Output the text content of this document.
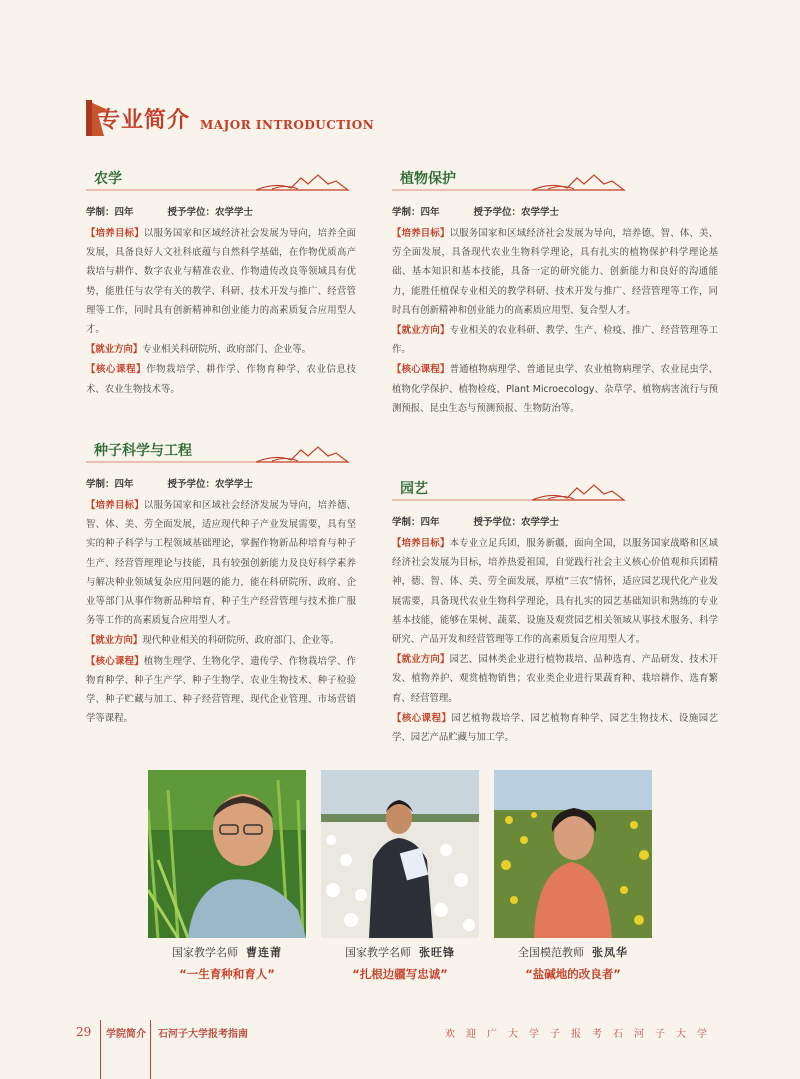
专业简介 MAJOR INTRODUCTION
农学
学制：四年	授予学位：农学学士

【培养目标】以服务国家和区域经济社会发展为导向，培养全面发展，具备良好人文社科底蕴与自然科学基础，在作物优质高产栽培与耕作、数字农业与精准农业、作物遗传改良等领域具有优势，能胜任与农学有关的教学、科研、技术开发与推广、经营管理等工作，同时具有创新精神和创业能力的高素质复合应用型人才。

【就业方向】专业相关科研院所、政府部门、企业等。

【核心课程】作物栽培学、耕作学、作物育种学、农业信息技术、农业生物技术等。

植物保护
学制：四年	授予学位：农学学士

【培养目标】以服务国家和区域经济社会发展为导向，培养德、智、体、美、劳全面发展，具备现代农业生物科学理论，具有扎实的植物保护科学理论基础、基本知识和基本技能，具备一定的研究能力、创新能力和良好的沟通能力，能胜任植保专业相关的教学科研、技术开发与推广、经营管理等工作，同时具有创新精神和创业能力的高素质应用型、复合型人才。

【就业方向】专业相关的农业科研、教学、生产、检疫、推广、经营管理等工作。

【核心课程】普通植物病理学、普通昆虫学、农业植物病理学、农业昆虫学、植物化学保护、植物检疫、Plant Microecology、杂草学、植物病害流行与预测预报、昆虫生态与预测预报、生物防治等。

种子科学与工程
学制：四年	授予学位：农学学士

【培养目标】以服务国家和区域社会经济发展为导向，培养德、智、体、美、劳全面发展，适应现代种子产业发展需要，具有坚实的种子科学与工程领域基础理论，掌握作物新品种培育与种子生产、经营管理理论与技能，具有较强创新能力及良好科学素养与解决种业领域复杂应用问题的能力，能在科研院所、政府、企业等部门从事作物新品种培育、种子生产经营管理与技术推广服务等工作的高素质复合应用型人才。

【就业方向】现代种业相关的科研院所、政府部门、企业等。

【核心课程】植物生理学、生物化学、遗传学、作物栽培学、作物育种学、种子生产学、种子生物学、农业生物技术、种子检验学、种子贮藏与加工、种子经营管理、现代企业管理、市场营销学等课程。

园艺
学制：四年	授予学位：农学学士

【培养目标】本专业立足兵团，服务新疆，面向全国，以服务国家战略和区域经济社会发展为目标，培养热爱祖国，自觉践行社会主义核心价值观和兵团精神，德、智、体、美、劳全面发展，厚植“三农”情怀，适应园艺现代化产业发展需要，具备现代农业生物科学理论，具有扎实的园艺基础知识和熟练的专业基本技能，能够在果树、蔬菜、设施及观赏园艺相关领域从事技术服务、科学研究、产品开发和经营管理等工作的高素质复合应用型人才。

【就业方向】园艺、园林类企业进行植物栽培、品种选育、产品研发、技术开发、植物养护、观赏植物销售；农业类企业进行果蔬育种、栽培耕作、选育繁育、经营管理。

【核心课程】园艺植物栽培学、园艺植物育种学、园艺生物技术、设施园艺学、园艺产品贮藏与加工学。

国家教学名师 曹连莆
“一生育种和育人”
国家教学名师 张旺锋
“扎根边疆写忠诚”
全国模范教师 张凤华
“盐碱地的改良者”
29 学院简介 石河子大学报考指南	欢迎广大学子报考石河子大学
